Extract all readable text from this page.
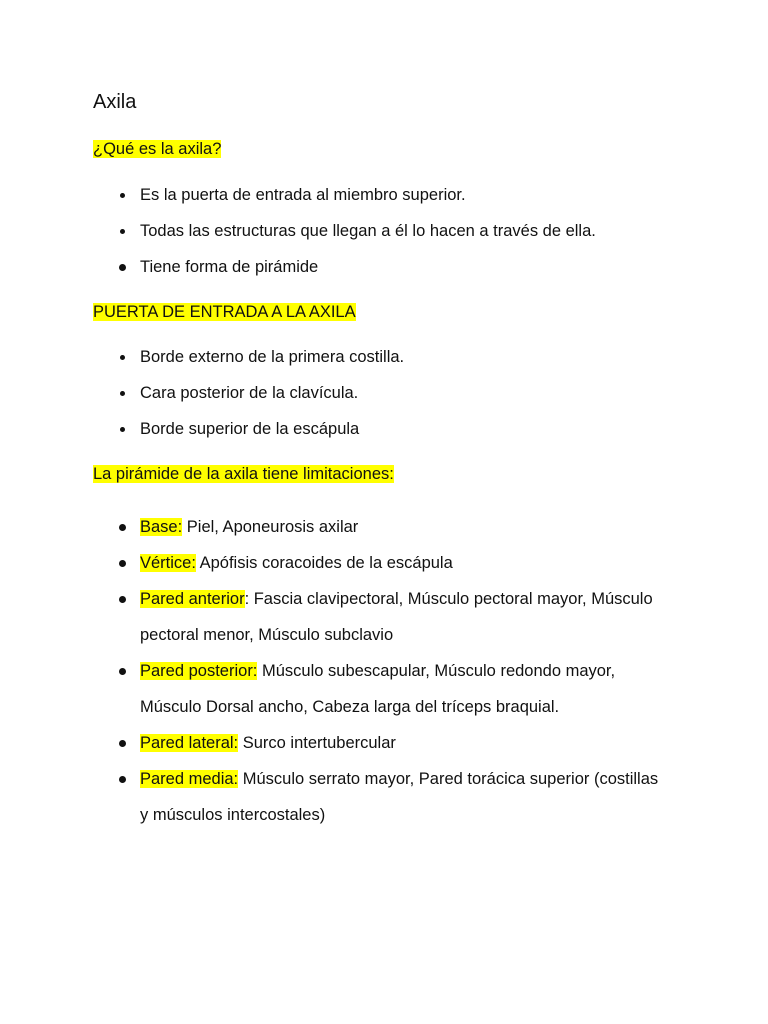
Axila

¿Qué es la axila?

Es la puerta de entrada al miembro superior.
Todas las estructuras que llegan a él lo hacen a través de ella.
Tiene forma de pirámide

PUERTA DE ENTRADA A LA AXILA

Borde externo de la primera costilla.
Cara posterior de la clavícula.
Borde superior de la escápula

La pirámide de la axila tiene limitaciones:

Base: Piel, Aponeurosis axilar
Vértice: Apófisis coracoides de la escápula
Pared anterior: Fascia clavipectoral, Músculo pectoral mayor, Músculo pectoral menor, Músculo subclavio
Pared posterior: Músculo subescapular, Músculo redondo mayor, Músculo Dorsal ancho, Cabeza larga del tríceps braquial.
Pared lateral: Surco intertubercular
Pared media: Músculo serrato mayor, Pared torácica superior (costillas y músculos intercostales)
